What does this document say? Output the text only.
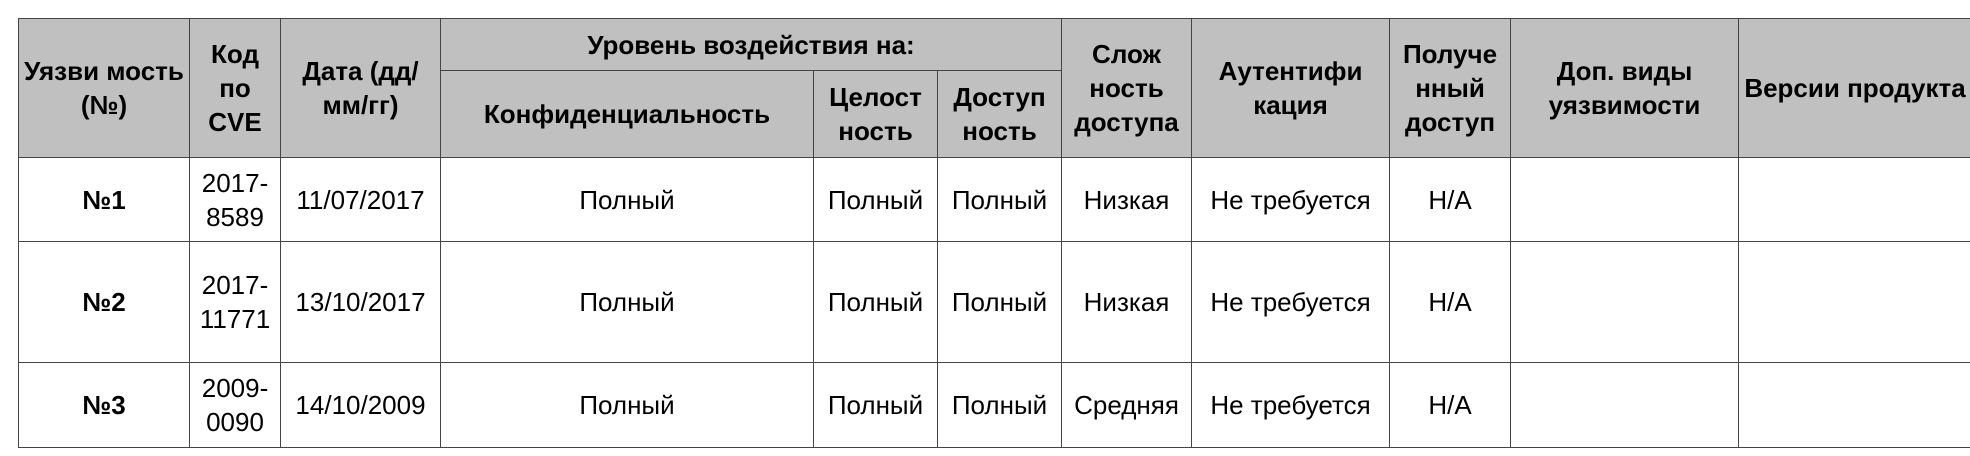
Уязви мость (№)	Код по CVE	Дата (дд/мм/гг)	Уровень воздействия на:			Слож ность доступа	Аутентифи кация	Получе нный доступ	Доп. виды уязвимости	Версии продукта
			Конфиденциальность	Целост ность	Доступ ность					
№1	2017-8589	11/07/2017	Полный	Полный	Полный	Низкая	Не требуется	Н/А		
№2	2017-11771	13/10/2017	Полный	Полный	Полный	Низкая	Не требуется	Н/А		
№3	2009-0090	14/10/2009	Полный	Полный	Полный	Средняя	Не требуется	Н/А		
